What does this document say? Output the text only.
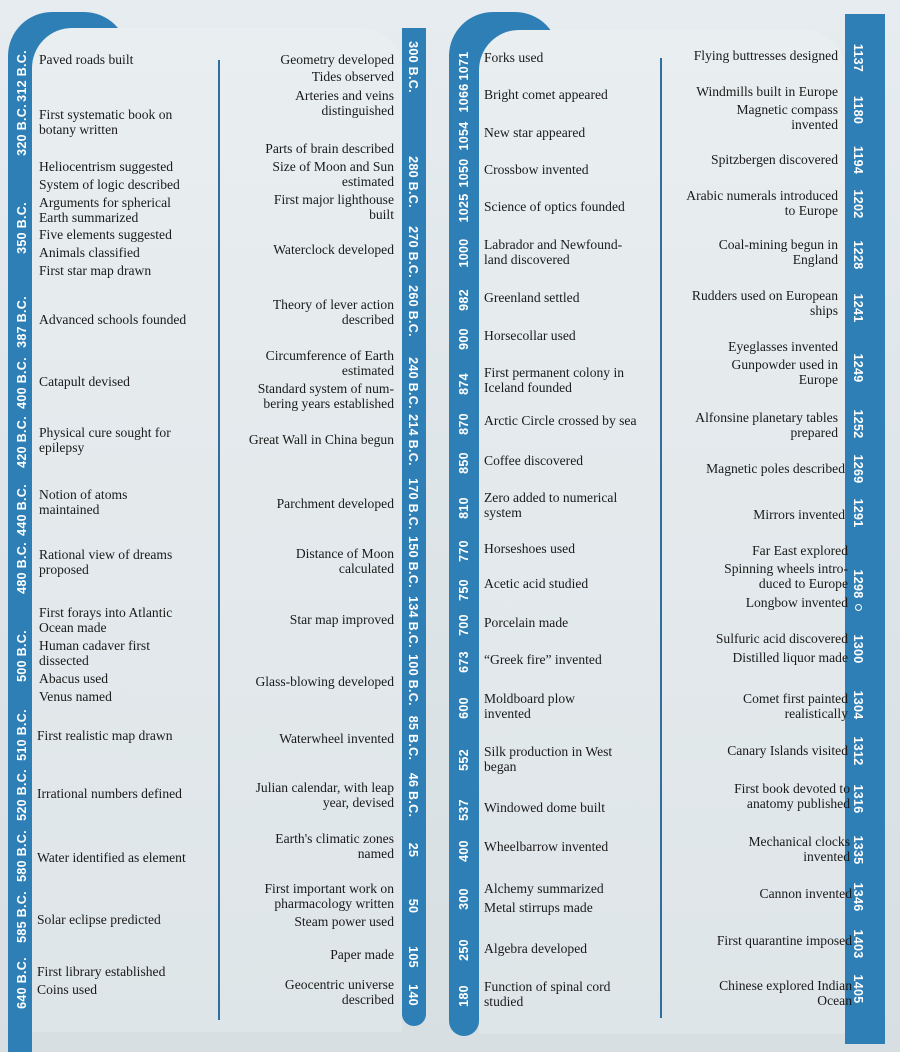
312 B.C.
320 B.C.
350 B.C.
387 B.C.
400 B.C.
420 B.C.
440 B.C.
480 B.C.
500 B.C.
510 B.C.
520 B.C.
580 B.C.
585 B.C.
640 B.C.
Paved roads built
First systematic book on
botany written
Heliocentrism suggested
System of logic described
Arguments for spherical
Earth summarized
Five elements suggested
Animals classified
First star map drawn
Advanced schools founded
Catapult devised
Physical cure sought for
epilepsy
Notion of atoms
maintained
Rational view of dreams
proposed
First forays into Atlantic
Ocean made
Human cadaver first
dissected
Abacus used
Venus named
First realistic map drawn
Irrational numbers defined
Water identified as element
Solar eclipse predicted
First library established
Coins used
300 B.C.
280 B.C.
270 B.C.
260 B.C.
240 B.C.
214 B.C.
170 B.C.
150 B.C.
134 B.C.
100 B.C.
85 B.C.
46 B.C.
25
50
105
140
Geometry developed
Tides observed
Arteries and veins
distinguished
Parts of brain described
Size of Moon and Sun
estimated
First major lighthouse
built
Waterclock developed
Theory of lever action
described
Circumference of Earth
estimated
Standard system of num-
bering years established
Great Wall in China begun
Parchment developed
Distance of Moon
calculated
Star map improved
Glass-blowing developed
Waterwheel invented
Julian calendar, with leap
year, devised
Earth's climatic zones
named
First important work on
pharmacology written
Steam power used
Paper made
Geocentric universe
described
1071
1066
1054
1050
1025
1000
982
900
874
870
850
810
770
750
700
673
600
552
537
400
300
250
180
Forks used
Bright comet appeared
New star appeared
Crossbow invented
Science of optics founded
Labrador and Newfound-
land discovered
Greenland settled
Horsecollar used
First permanent colony in
Iceland founded
Arctic Circle crossed by sea
Coffee discovered
Zero added to numerical
system
Horseshoes used
Acetic acid studied
Porcelain made
“Greek fire” invented
Moldboard plow
invented
Silk production in West
began
Windowed dome built
Wheelbarrow invented
Alchemy summarized
Metal stirrups made
Algebra developed
Function of spinal cord
studied
1137
1180
1194
1202
1228
1241
1249
1252
1269
1291
1298
1300
1304
1312
1316
1335
1346
1403
1405
Flying buttresses designed
Windmills built in Europe
Magnetic compass
invented
Spitzbergen discovered
Arabic numerals introduced
to Europe
Coal-mining begun in
England
Rudders used on European
ships
Eyeglasses invented
Gunpowder used in
Europe
Alfonsine planetary tables
prepared
Magnetic poles described
Mirrors invented
Far East explored
Spinning wheels intro-
duced to Europe
Longbow invented
Sulfuric acid discovered
Distilled liquor made
Comet first painted
realistically
Canary Islands visited
First book devoted to
anatomy published
Mechanical clocks
invented
Cannon invented
First quarantine imposed
Chinese explored Indian
Ocean
